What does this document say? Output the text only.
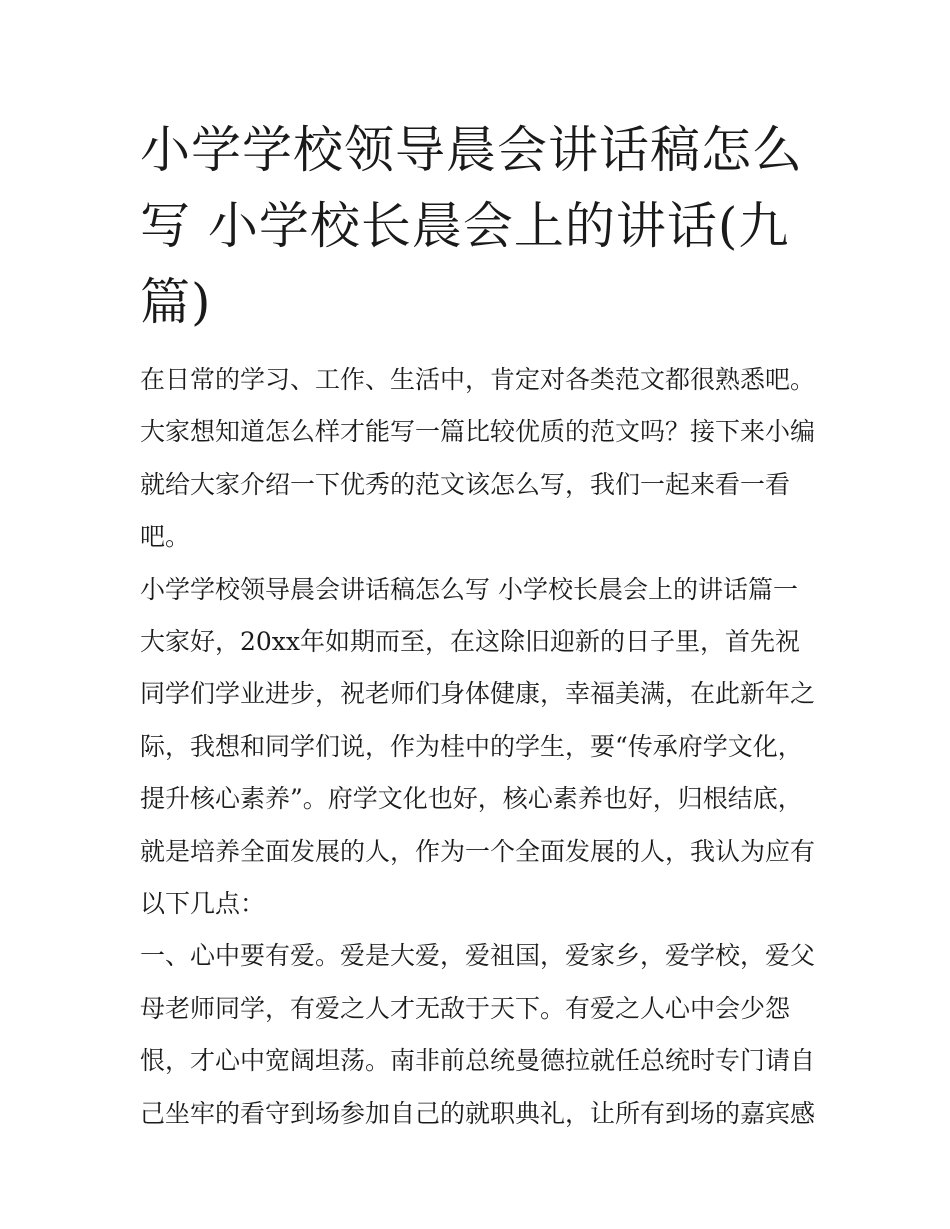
小学学校领导晨会讲话稿怎么写 小学校长晨会上的讲话(九篇)

在日常的学习、工作、生活中，肯定对各类范文都很熟悉吧。大家想知道怎么样才能写一篇比较优质的范文吗？接下来小编就给大家介绍一下优秀的范文该怎么写，我们一起来看一看吧。

小学学校领导晨会讲话稿怎么写 小学校长晨会上的讲话篇一

大家好，20xx年如期而至，在这除旧迎新的日子里，首先祝同学们学业进步，祝老师们身体健康，幸福美满，在此新年之际，我想和同学们说，作为桂中的学生，要“传承府学文化，提升核心素养”。府学文化也好，核心素养也好，归根结底，就是培养全面发展的人，作为一个全面发展的人，我认为应有以下几点：

一、心中要有爱。爱是大爱，爱祖国，爱家乡，爱学校，爱父母老师同学，有爱之人才无敌于天下。有爱之人心中会少怨恨，才心中宽阔坦荡。南非前总统曼德拉就任总统时专门请自己坐牢的看守到场参加自己的就职典礼，让所有到场的嘉宾感
